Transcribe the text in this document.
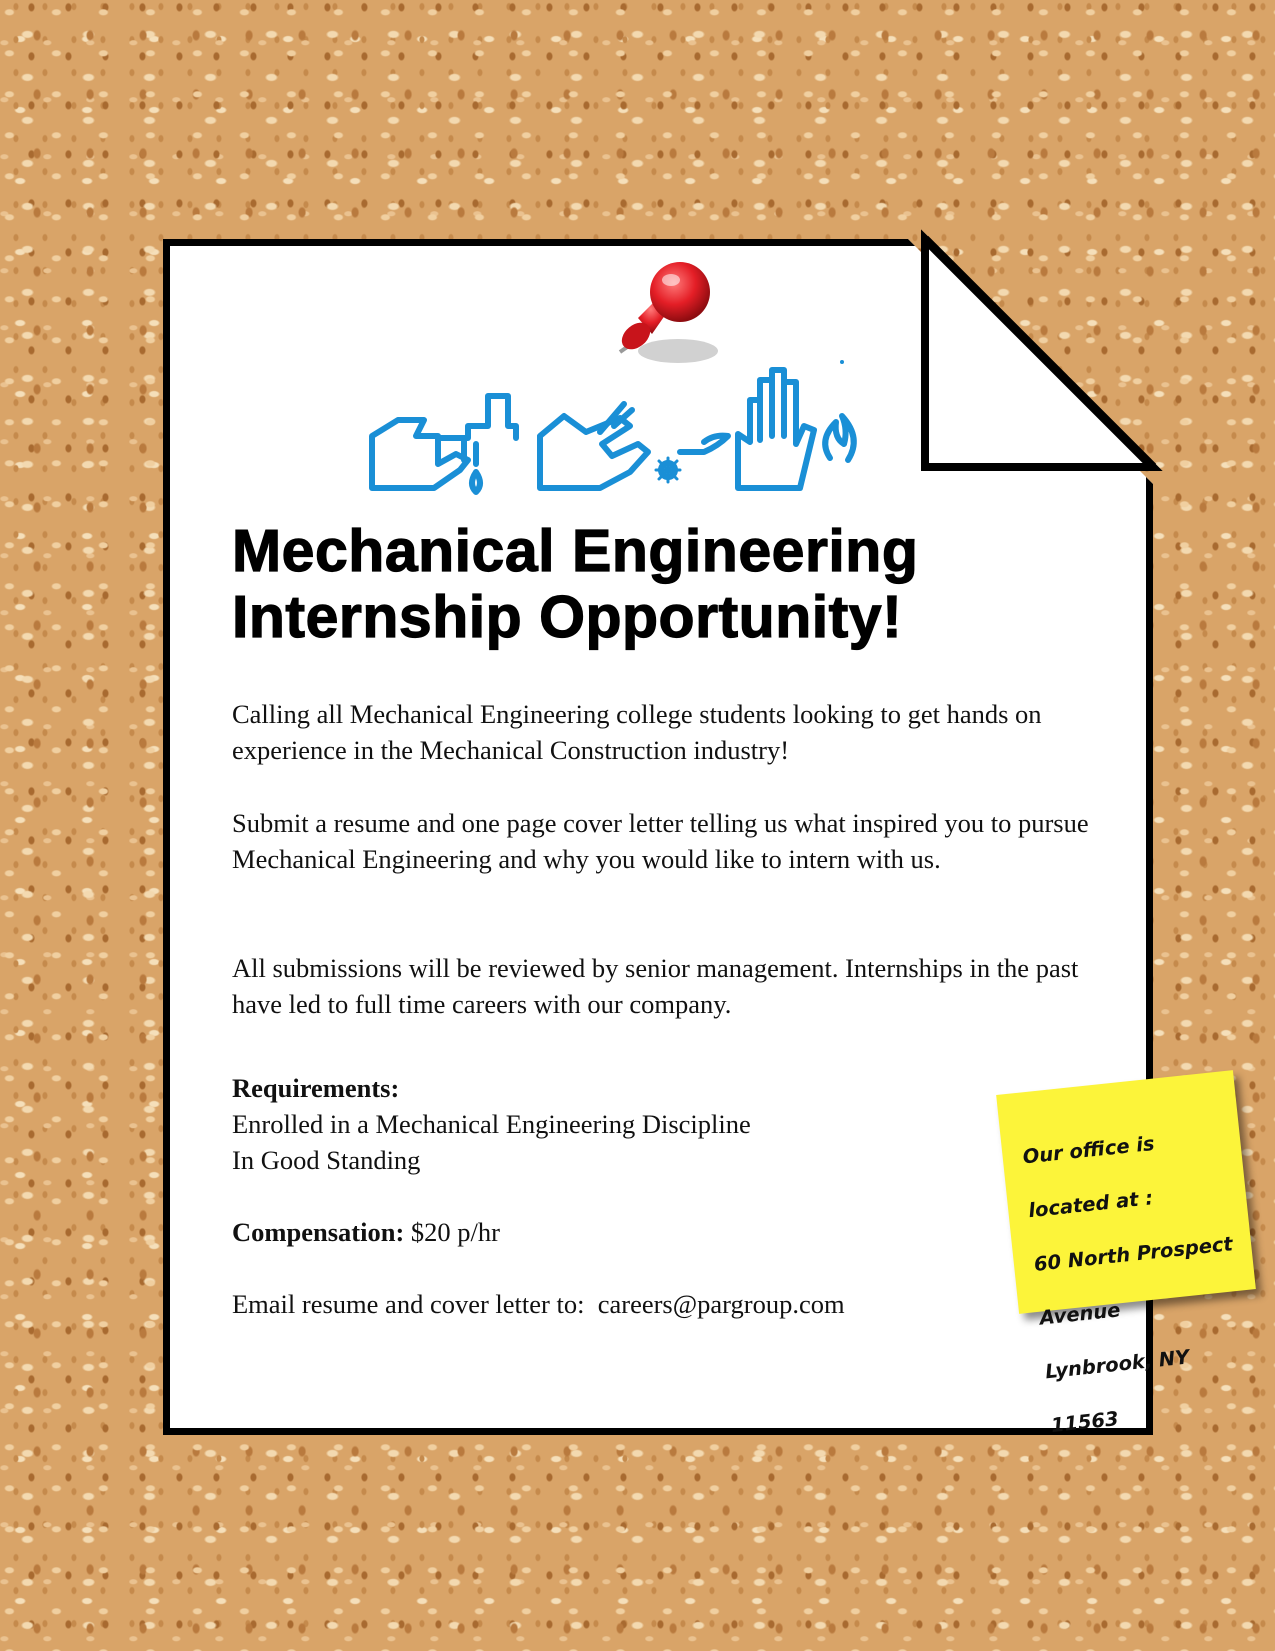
Mechanical Engineering
Internship Opportunity!

Calling all Mechanical Engineering college students looking to get hands on experience in the Mechanical Construction industry!

Submit a resume and one page cover letter telling us what inspired you to pursue Mechanical Engineering and why you would like to intern with us.

All submissions will be reviewed by senior management. Internships in the past have led to full time careers with our company.

Requirements:
Enrolled in a Mechanical Engineering Discipline
In Good Standing
Compensation: $20 p/hr
Email resume and cover letter to: careers@pargroup.com

Our office is

located at :

60 North Prospect

Avenue

Lynbrook, NY

11563
